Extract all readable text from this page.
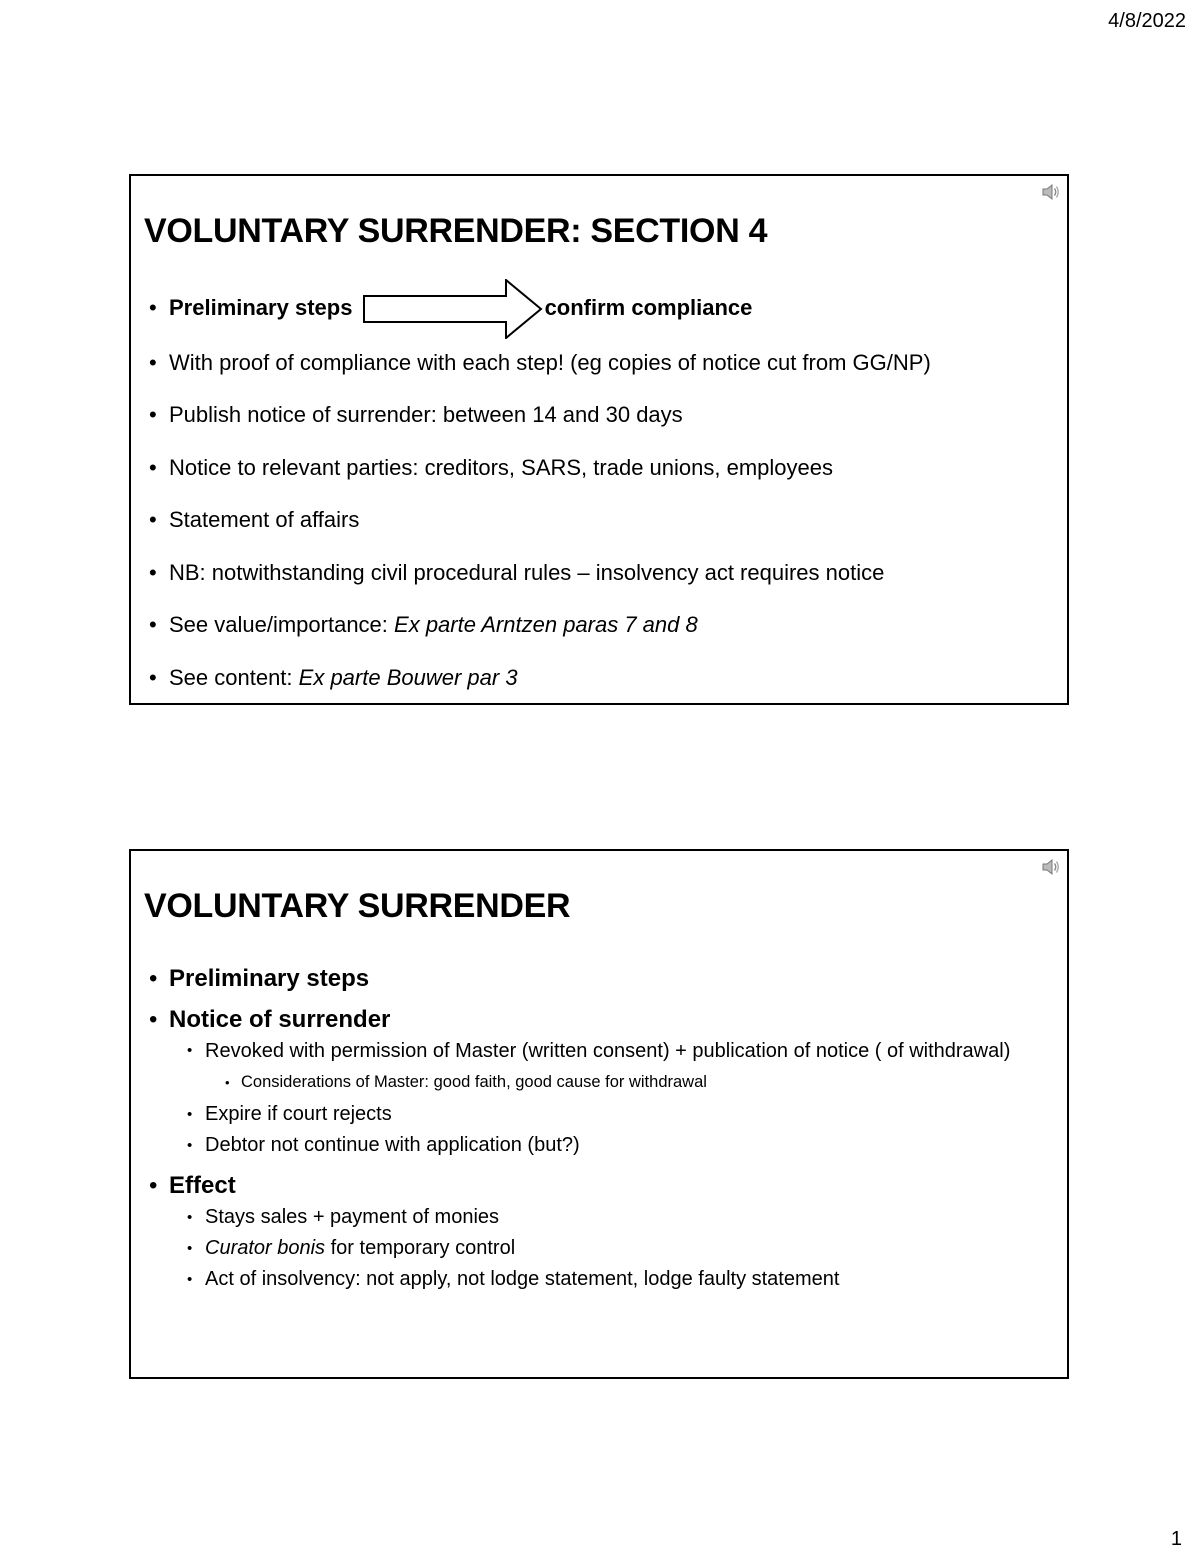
4/8/2022
VOLUNTARY SURRENDER: SECTION 4
• Preliminary steps	confirm compliance
• With proof of compliance with each step! (eg copies of notice cut from GG/NP)
• Publish notice of surrender: between 14 and 30 days
• Notice to relevant parties: creditors, SARS, trade unions, employees
• Statement of affairs
• NB: notwithstanding civil procedural rules – insolvency act requires notice
• See value/importance: Ex parte Arntzen paras 7 and 8
• See content: Ex parte Bouwer par 3
VOLUNTARY SURRENDER
• Preliminary steps
• Notice of surrender
• Revoked with permission of Master (written consent) + publication of notice ( of withdrawal)
• Considerations of Master: good faith, good cause for withdrawal
• Expire if court rejects
• Debtor not continue with application (but?)
• Effect
• Stays sales + payment of monies
• Curator bonis for temporary control
• Act of insolvency: not apply, not lodge statement, lodge faulty statement
1
